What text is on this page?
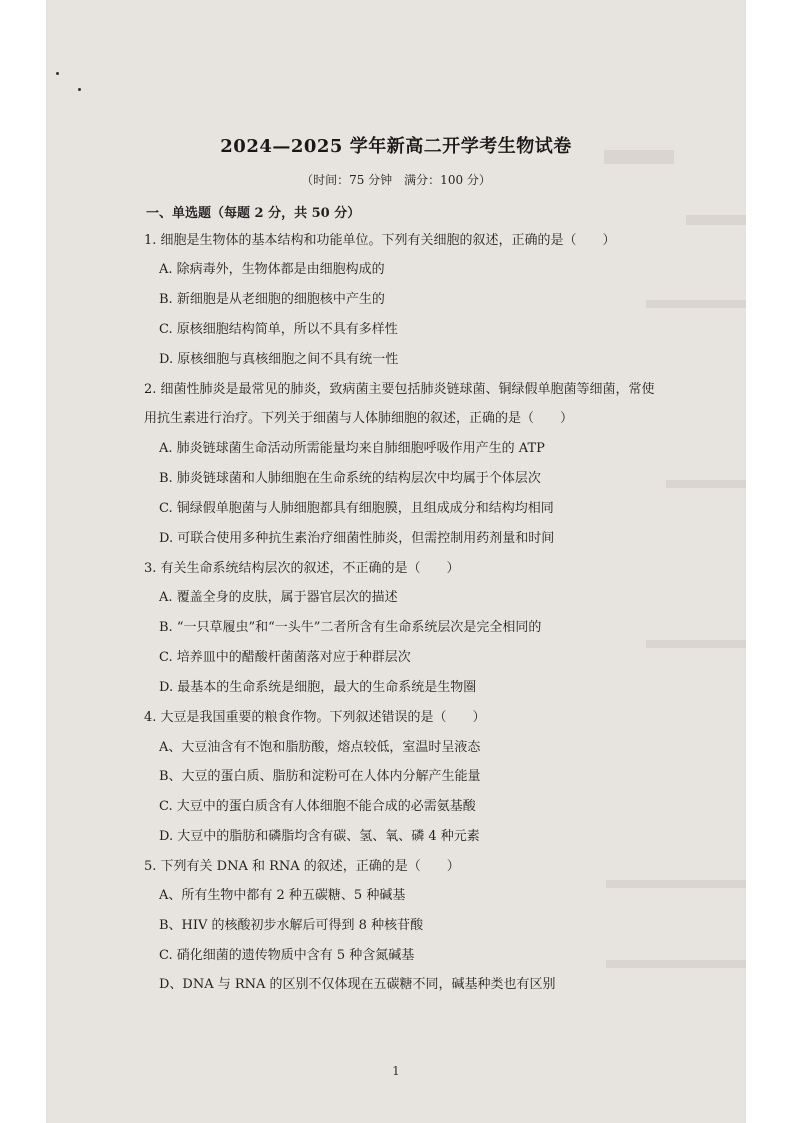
2024—2025 学年新高二开学考生物试卷
（时间：75 分钟　满分：100 分）
一、单选题（每题 2 分，共 50 分）
1. 细胞是生物体的基本结构和功能单位。下列有关细胞的叙述，正确的是（　　）
A. 除病毒外，生物体都是由细胞构成的
B. 新细胞是从老细胞的细胞核中产生的
C. 原核细胞结构简单，所以不具有多样性
D. 原核细胞与真核细胞之间不具有统一性
2. 细菌性肺炎是最常见的肺炎，致病菌主要包括肺炎链球菌、铜绿假单胞菌等细菌，常使
用抗生素进行治疗。下列关于细菌与人体肺细胞的叙述，正确的是（　　）
A. 肺炎链球菌生命活动所需能量均来自肺细胞呼吸作用产生的 ATP
B. 肺炎链球菌和人肺细胞在生命系统的结构层次中均属于个体层次
C. 铜绿假单胞菌与人肺细胞都具有细胞膜，且组成成分和结构均相同
D. 可联合使用多种抗生素治疗细菌性肺炎，但需控制用药剂量和时间
3. 有关生命系统结构层次的叙述，不正确的是（　　）
A. 覆盖全身的皮肤，属于器官层次的描述
B. “一只草履虫”和“一头牛”二者所含有生命系统层次是完全相同的
C. 培养皿中的醋酸杆菌菌落对应于种群层次
D. 最基本的生命系统是细胞，最大的生命系统是生物圈
4. 大豆是我国重要的粮食作物。下列叙述错误的是（　　）
A、大豆油含有不饱和脂肪酸，熔点较低，室温时呈液态
B、大豆的蛋白质、脂肪和淀粉可在人体内分解产生能量
C. 大豆中的蛋白质含有人体细胞不能合成的必需氨基酸
D. 大豆中的脂肪和磷脂均含有碳、氢、氧、磷 4 种元素
5. 下列有关 DNA 和 RNA 的叙述，正确的是（　　）
A、所有生物中都有 2 种五碳糖、5 种碱基
B、HIV 的核酸初步水解后可得到 8 种核苷酸
C. 硝化细菌的遗传物质中含有 5 种含氮碱基
D、DNA 与 RNA 的区别不仅体现在五碳糖不同，碱基种类也有区别
1
